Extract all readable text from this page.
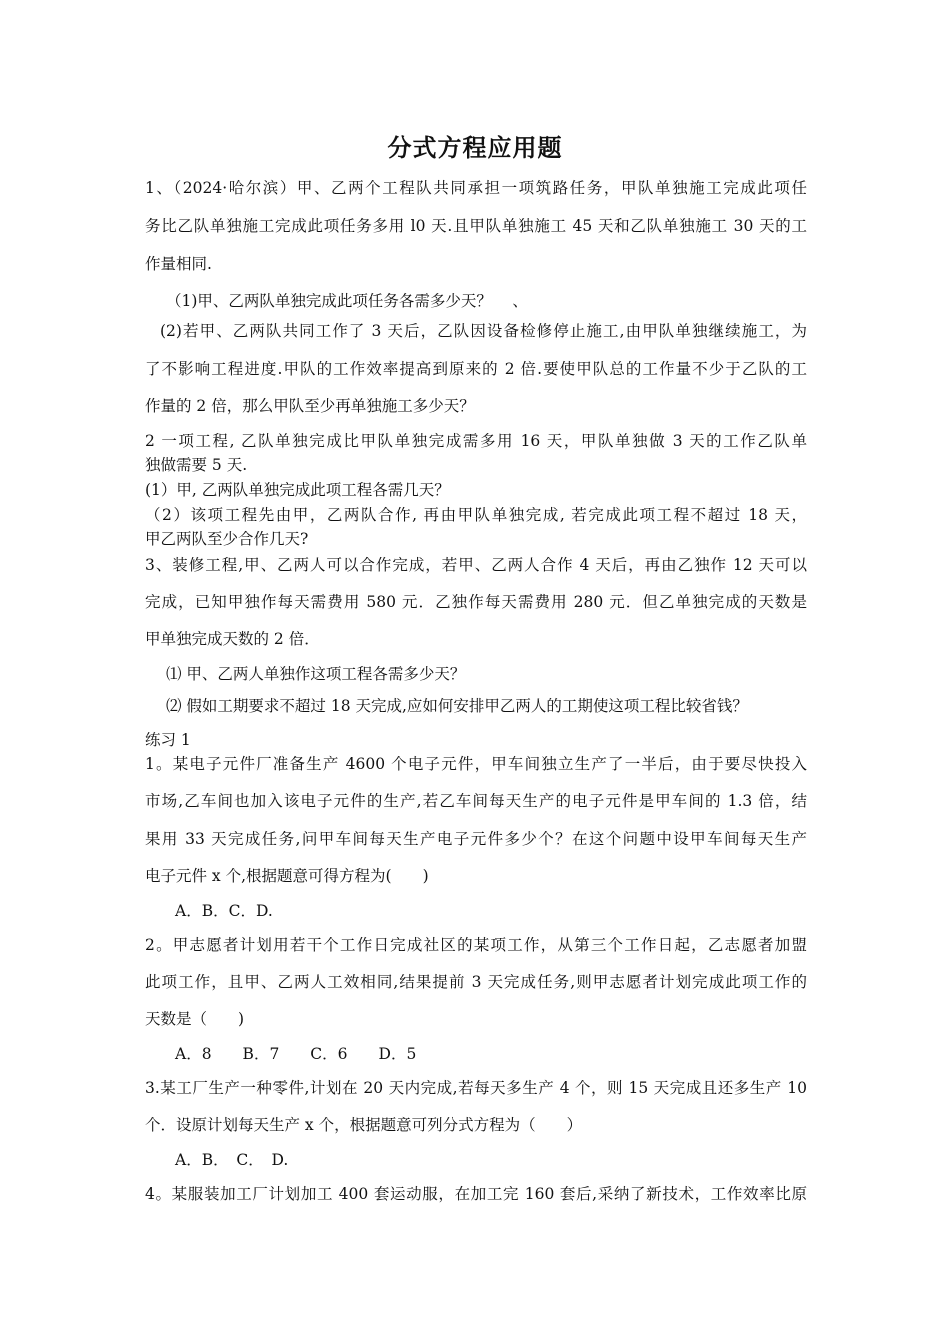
分式方程应用题
1、（2024·哈尔滨）甲、乙两个工程队共同承担一项筑路任务，甲队单独施工完成此项任
务比乙队单独施工完成此项任务多用 l0 天.且甲队单独施工 45 天和乙队单独施工 30 天的工
作量相同.
（1)甲、乙两队单独完成此项任务各需多少天？　 、
(2)若甲、乙两队共同工作了 3 天后，乙队因设备检修停止施工,由甲队单独继续施工，为
了不影响工程进度.甲队的工作效率提高到原来的 2 倍.要使甲队总的工作量不少于乙队的工
作量的 2 倍，那么甲队至少再单独施工多少天？
2 一项工程, 乙队单独完成比甲队单独完成需多用 16 天，甲队单独做 3 天的工作乙队单
独做需要 5 天.
(1）甲, 乙两队单独完成此项工程各需几天？
（2）该项工程先由甲，乙两队合作, 再由甲队单独完成, 若完成此项工程不超过 18 天，
甲乙两队至少合作几天?
3、装修工程,甲、乙两人可以合作完成，若甲、乙两人合作 4 天后，再由乙独作 12 天可以
完成，已知甲独作每天需费用 580 元．乙独作每天需费用 280 元．但乙单独完成的天数是
甲单独完成天数的 2 倍．
⑴ 甲、乙两人单独作这项工程各需多少天？
⑵ 假如工期要求不超过 18 天完成,应如何安排甲乙两人的工期使这项工程比较省钱？
练习 1
1。某电子元件厂准备生产 4600 个电子元件，甲车间独立生产了一半后，由于要尽快投入
市场,乙车间也加入该电子元件的生产,若乙车间每天生产的电子元件是甲车间的 1.3 倍，结
果用 33 天完成任务,问甲车间每天生产电子元件多少个？在这个问题中设甲车间每天生产
电子元件 x 个,根据题意可得方程为(　　)
A．B．C．D.
2。甲志愿者计划用若干个工作日完成社区的某项工作，从第三个工作日起，乙志愿者加盟
此项工作，且甲、乙两人工效相同,结果提前 3 天完成任务,则甲志愿者计划完成此项工作的
天数是（　　)
A．8　　B．7　　C．6　　D．5
3.某工厂生产一种零件,计划在 20 天内完成,若每天多生产 4 个，则 15 天完成且还多生产 10
个．设原计划每天生产 x 个，根据题意可列分式方程为（　　）
A．B．　C．　D.
4。某服装加工厂计划加工 400 套运动服，在加工完 160 套后,采纳了新技术，工作效率比原
